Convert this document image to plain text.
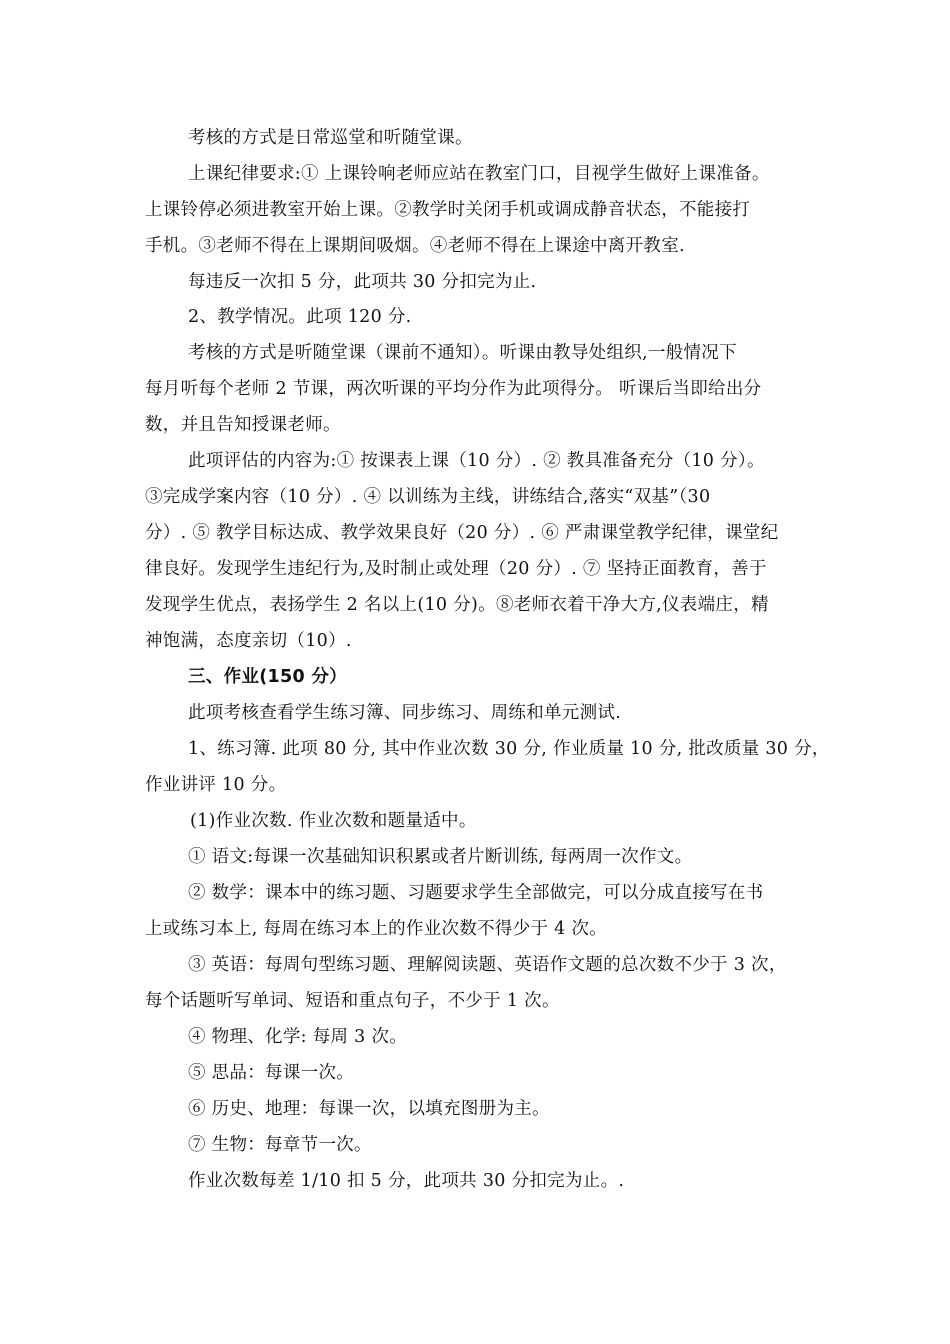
考核的方式是日常巡堂和听随堂课。
上课纪律要求:① 上课铃响老师应站在教室门口，目视学生做好上课准备。
上课铃停必须进教室开始上课。②教学时关闭手机或调成静音状态，不能接打
手机。③老师不得在上课期间吸烟。④老师不得在上课途中离开教室.
每违反一次扣 5 分，此项共 30 分扣完为止.
2、教学情况。此项 120 分.
考核的方式是听随堂课（课前不通知）。听课由教导处组织,一般情况下
每月听每个老师 2 节课，两次听课的平均分作为此项得分。 听课后当即给出分
数，并且告知授课老师。
此项评估的内容为:① 按课表上课（10 分）. ② 教具准备充分（10 分）。
③完成学案内容（10 分）. ④ 以训练为主线，讲练结合,落实“双基”（30
分）. ⑤ 教学目标达成、教学效果良好（20 分）. ⑥ 严肃课堂教学纪律，课堂纪
律良好。发现学生违纪行为,及时制止或处理（20 分）. ⑦ 坚持正面教育，善于
发现学生优点，表扬学生 2 名以上(10 分)。⑧老师衣着干净大方,仪表端庄，精
神饱满，态度亲切（10）.
三、作业(150 分）
此项考核查看学生练习簿、同步练习、周练和单元测试.
1、练习簿. 此项 80 分, 其中作业次数 30 分, 作业质量 10 分, 批改质量 30 分，
作业讲评 10 分。
(1)作业次数. 作业次数和题量适中。
① 语文:每课一次基础知识积累或者片断训练, 每两周一次作文。
② 数学：课本中的练习题、习题要求学生全部做完，可以分成直接写在书
上或练习本上, 每周在练习本上的作业次数不得少于 4 次。
③ 英语：每周句型练习题、理解阅读题、英语作文题的总次数不少于 3 次，
每个话题听写单词、短语和重点句子，不少于 1 次。
④ 物理、化学: 每周 3 次。
⑤ 思品：每课一次。
⑥ 历史、地理：每课一次，以填充图册为主。
⑦ 生物：每章节一次。
作业次数每差 1/10 扣 5 分，此项共 30 分扣完为止。.
